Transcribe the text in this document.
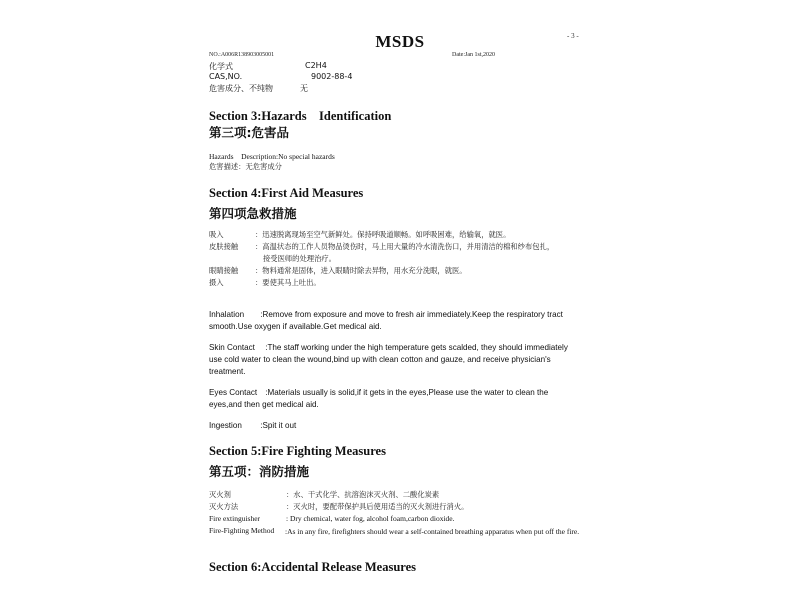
MSDS	- 3 -
NO.:A006R138903005001	Date:Jan 1st,2020
化学式	C2H4
CAS,NO.	9002-88-4
危害成分、不纯物	无
Section 3:Hazards　Identification
第三项:危害品
Hazards　Description:No special hazards
危害描述：无危害成分
Section 4:First Aid Measures
第四项急救措施
吸入	：迅速脱离现场至空气新鲜处。保持呼吸道顺畅。如呼吸困难，给输氧，就医。
皮肤接触 ：高温状态的工作人员物品烫伤时，马上用大量的冷水清洗伤口，并用清洁的棉和纱布包扎，
接受医师的处理治疗。
眼睛接触 ：物料通常是固体，进入眼睛时除去异物，用水充分洗眼，就医。
摄入	：要使其马上吐出。
Inhalation　　:Remove from exposure and move to fresh air immediately.Keep the respiratory tract smooth.Use oxygen if available.Get medical aid.
Skin Contact　 :The staff working under the high temperature gets scalded, they should immediately use cold water to clean the wound,bind up with clean cotton and gauze, and receive physician's treatment.
Eyes Contact　:Materials usually is solid,if it gets in the eyes,Please use the water to clean the eyes,and then get medical aid.
Ingestion　　 :Spit it out
Section 5:Fire Fighting Measures
第五项：消防措施
灭火剂	：水、干式化学、抗溶泡沫灭火剂、二酸化炭素
灭火方法	：灭火时，要配带保护具后使用适当的灭火剂进行消火。
Fire extinguisher	: Dry chemical, water fog, alcohol foam,carbon dioxide.
Fire-Fighting Method	:As in any fire, firefighters should wear a self-contained breathing apparatus when put off the fire.
Section 6:Accidental Release Measures
